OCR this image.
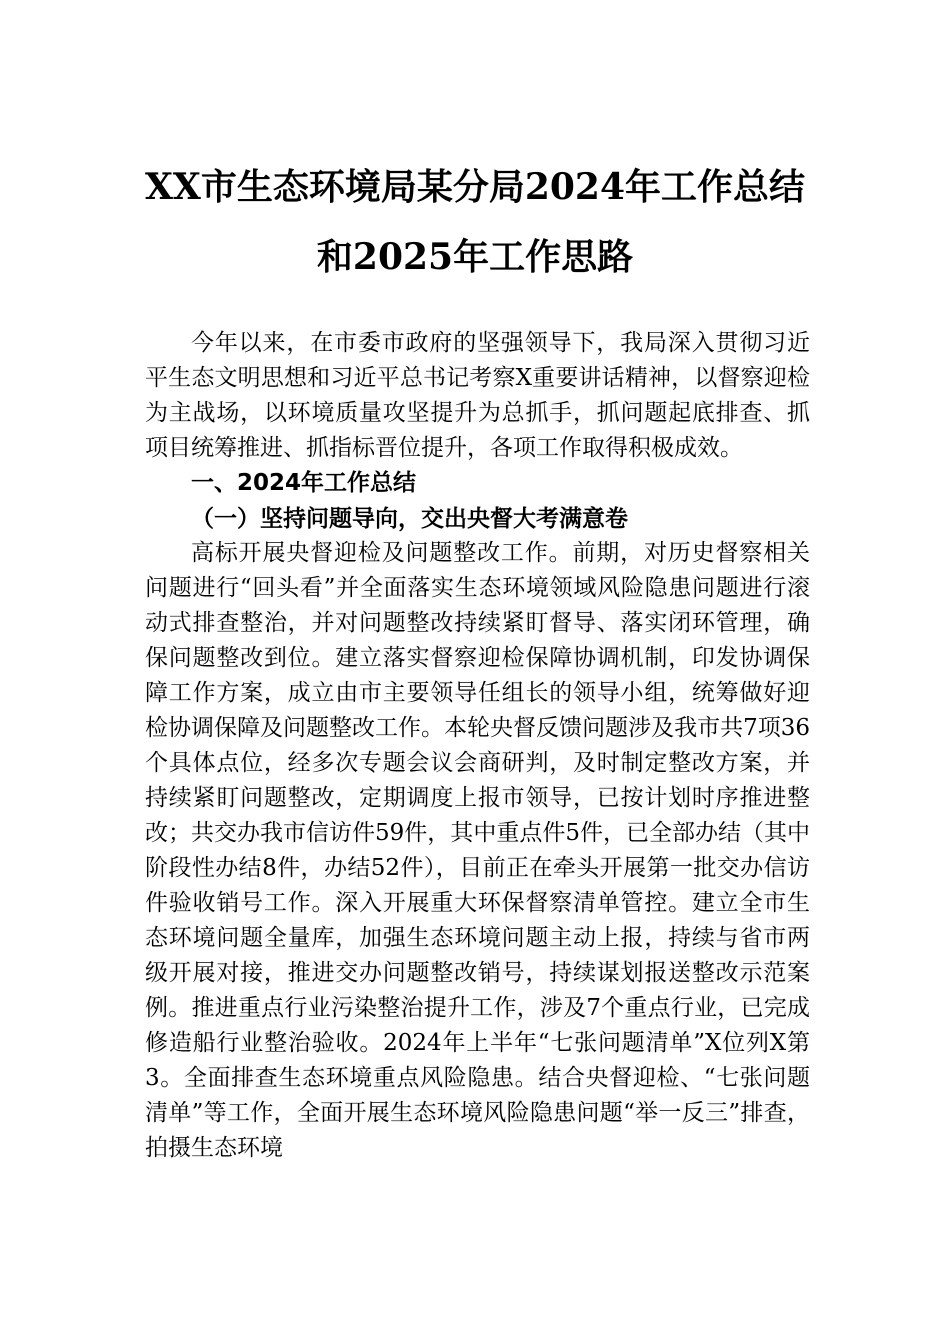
XX市生态环境局某分局2024年工作总结
和2025年工作思路

今年以来，在市委市政府的坚强领导下，我局深入贯彻习近平生态文明思想和习近平总书记考察X重要讲话精神，以督察迎检为主战场，以环境质量攻坚提升为总抓手，抓问题起底排查、抓项目统筹推进、抓指标晋位提升，各项工作取得积极成效。

一、2024年工作总结

（一）坚持问题导向，交出央督大考满意卷

高标开展央督迎检及问题整改工作。前期，对历史督察相关问题进行“回头看”并全面落实生态环境领域风险隐患问题进行滚动式排查整治，并对问题整改持续紧盯督导、落实闭环管理，确保问题整改到位。建立落实督察迎检保障协调机制，印发协调保障工作方案，成立由市主要领导任组长的领导小组，统筹做好迎检协调保障及问题整改工作。本轮央督反馈问题涉及我市共7项36个具体点位，经多次专题会议会商研判，及时制定整改方案，并持续紧盯问题整改，定期调度上报市领导，已按计划时序推进整改；共交办我市信访件59件，其中重点件5件，已全部办结（其中阶段性办结8件，办结52件），目前正在牵头开展第一批交办信访件验收销号工作。深入开展重大环保督察清单管控。建立全市生态环境问题全量库，加强生态环境问题主动上报，持续与省市两级开展对接，推进交办问题整改销号，持续谋划报送整改示范案例。推进重点行业污染整治提升工作，涉及7个重点行业，已完成修造船行业整治验收。2024年上半年“七张问题清单”X位列X第3。全面排查生态环境重点风险隐患。结合央督迎检、“七张问题清单”等工作，全面开展生态环境风险隐患问题“举一反三”排查，拍摄生态环境
